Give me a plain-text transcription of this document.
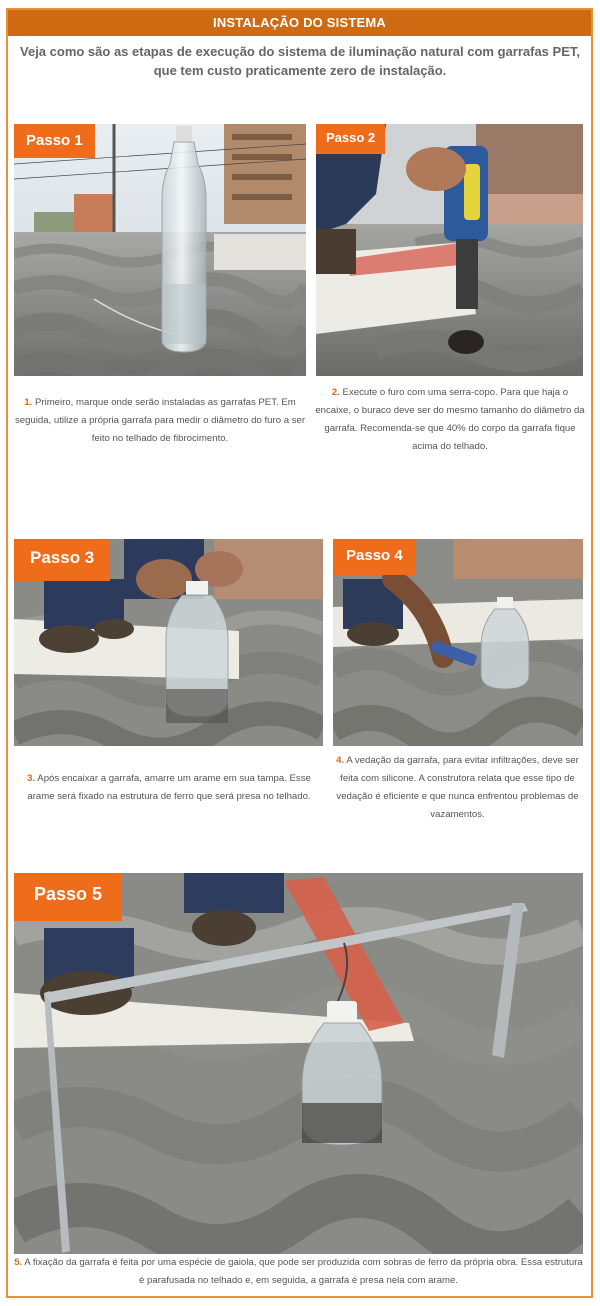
INSTALAÇÃO DO SISTEMA
Veja como são as etapas de execução do sistema de iluminação natural com garrafas PET, que tem custo praticamente zero de instalação.
Passo 1	Passo 2
1. Primeiro, marque onde serão instaladas as garrafas PET. Em seguida, utilize a própria garrafa para medir o diâmetro do furo a ser feito no telhado de fibrocimento.
2. Execute o furo com uma serra-copo. Para que haja o encaixe, o buraco deve ser do mesmo tamanho do diâmetro da garrafa. Recomenda-se que 40% do corpo da garrafa fique acima do telhado.
Passo 3	Passo 4
3. Após encaixar a garrafa, amarre um arame em sua tampa. Esse arame será fixado na estrutura de ferro que será presa no telhado.
4. A vedação da garrafa, para evitar infiltrações, deve ser feita com silicone. A construtora relata que esse tipo de vedação é eficiente e que nunca enfrentou problemas de vazamentos.
Passo 5
5. A fixação da garrafa é feita por uma espécie de gaiola, que pode ser produzida com sobras de ferro da própria obra. Essa estrutura é parafusada no telhado e, em seguida, a garrafa é presa nela com arame.
